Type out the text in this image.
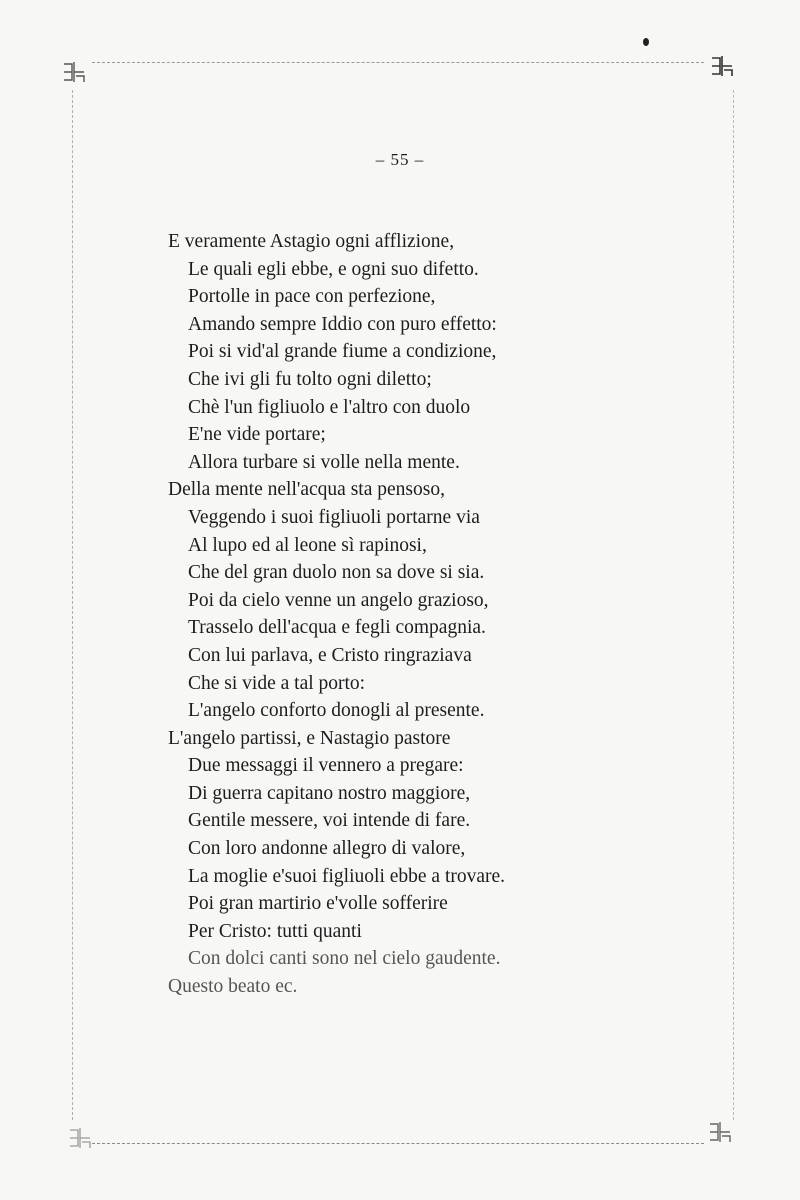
– 55 –
E veramente Astagio ogni afflizione,
Le quali egli ebbe, e ogni suo difetto.
Portolle in pace con perfezione,
Amando sempre Iddio con puro effetto:
Poi si vid'al grande fiume a condizione,
Che ivi gli fu tolto ogni diletto;
Chè l'un figliuolo e l'altro con duolo
E'ne vide portare;
Allora turbare si volle nella mente.
Della mente nell'acqua sta pensoso,
Veggendo i suoi figliuoli portarne via
Al lupo ed al leone sì rapinosi,
Che del gran duolo non sa dove si sia.
Poi da cielo venne un angelo grazioso,
Trasselo dell'acqua e fegli compagnia.
Con lui parlava, e Cristo ringraziava
Che si vide a tal porto:
L'angelo conforto donogli al presente.
L'angelo partissi, e Nastagio pastore
Due messaggi il vennero a pregare:
Di guerra capitano nostro maggiore,
Gentile messere, voi intende di fare.
Con loro andonne allegro di valore,
La moglie e'suoi figliuoli ebbe a trovare.
Poi gran martirio e'volle sofferire
Per Cristo: tutti quanti
Con dolci canti sono nel cielo gaudente.
Questo beato ec.
